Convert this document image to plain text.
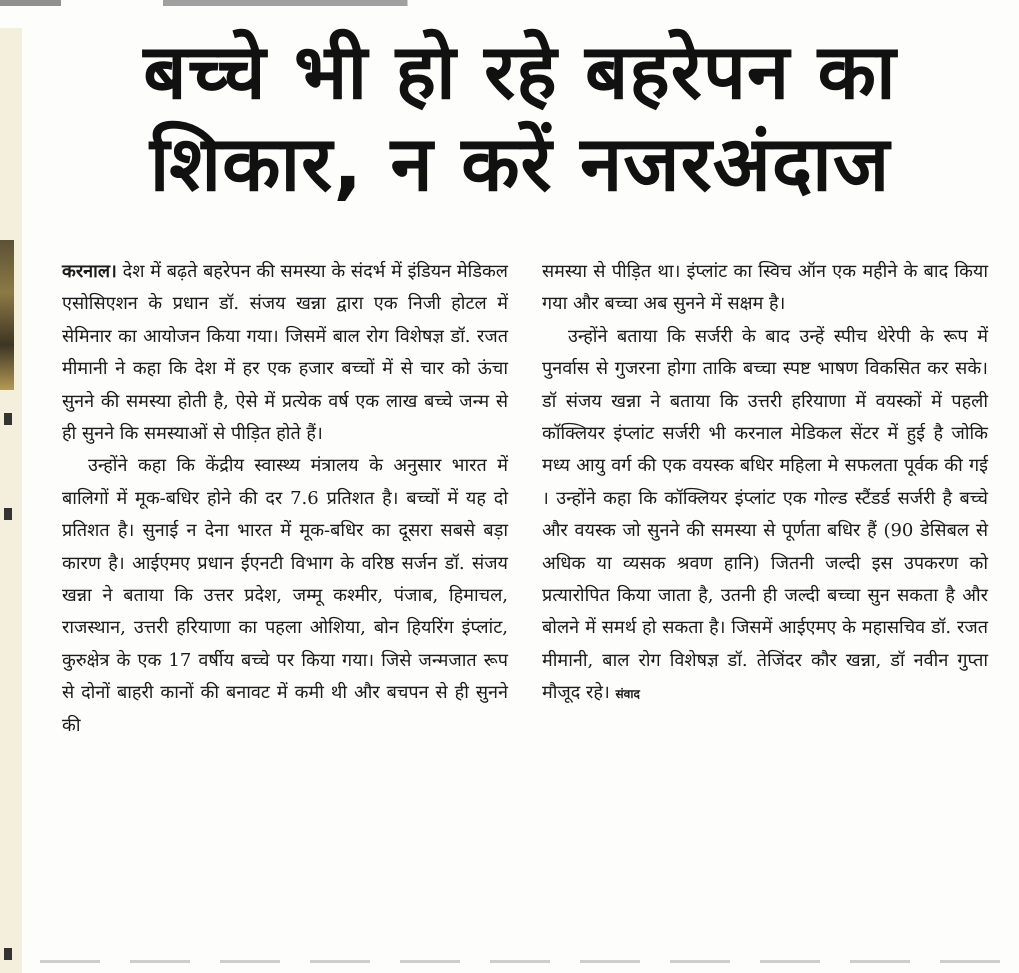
बच्चे भी हो रहे बहरेपन का
शिकार, न करें नजरअंदाज

करनाल। देश में बढ़ते बहरेपन की समस्या के संदर्भ में इंडियन मेडिकल एसोसिएशन के प्रधान डॉ. संजय खन्ना द्वारा एक निजी होटल में सेमिनार का आयोजन किया गया। जिसमें बाल रोग विशेषज्ञ डॉ. रजत मीमानी ने कहा कि देश में हर एक हजार बच्चों में से चार को ऊंचा सुनने की समस्या होती है, ऐसे में प्रत्येक वर्ष एक लाख बच्चे जन्म से ही सुनने कि समस्याओं से पीड़ित होते हैं।

उन्होंने कहा कि केंद्रीय स्वास्थ्य मंत्रालय के अनुसार भारत में बालिगों में मूक-बधिर होने की दर 7.6 प्रतिशत है। बच्चों में यह दो प्रतिशत है। सुनाई न देना भारत में मूक-बधिर का दूसरा सबसे बड़ा कारण है। आईएमए प्रधान ईएनटी विभाग के वरिष्ठ सर्जन डॉ. संजय खन्ना ने बताया कि उत्तर प्रदेश, जम्मू कश्मीर, पंजाब, हिमाचल, राजस्थान, उत्तरी हरियाणा का पहला ओशिया, बोन हियरिंग इंप्लांट, कुरुक्षेत्र के एक 17 वर्षीय बच्चे पर किया गया। जिसे जन्मजात रूप से दोनों बाहरी कानों की बनावट में कमी थी और बचपन से ही सुनने की

समस्या से पीड़ित था। इंप्लांट का स्विच ऑन एक महीने के बाद किया गया और बच्चा अब सुनने में सक्षम है।

उन्होंने बताया कि सर्जरी के बाद उन्हें स्पीच थेरेपी के रूप में पुनर्वास से गुजरना होगा ताकि बच्चा स्पष्ट भाषण विकसित कर सके। डॉ संजय खन्ना ने बताया कि उत्तरी हरियाणा में वयस्कों में पहली कॉक्लियर इंप्लांट सर्जरी भी करनाल मेडिकल सेंटर में हुई है जोकि मध्य आयु वर्ग की एक वयस्क बधिर महिला मे सफलता पूर्वक की गई । उन्होंने कहा कि कॉक्लियर इंप्लांट एक गोल्ड स्टैंडर्ड सर्जरी है बच्चे और वयस्क जो सुनने की समस्या से पूर्णता बधिर हैं (90 डेसिबल से अधिक या व्यसक श्रवण हानि) जितनी जल्दी इस उपकरण को प्रत्यारोपित किया जाता है, उतनी ही जल्दी बच्चा सुन सकता है और बोलने में समर्थ हो सकता है। जिसमें आईएमए के महासचिव डॉ. रजत मीमानी, बाल रोग विशेषज्ञ डॉ. तेजिंदर कौर खन्ना, डॉ नवीन गुप्ता मौजूद रहे। संवाद
